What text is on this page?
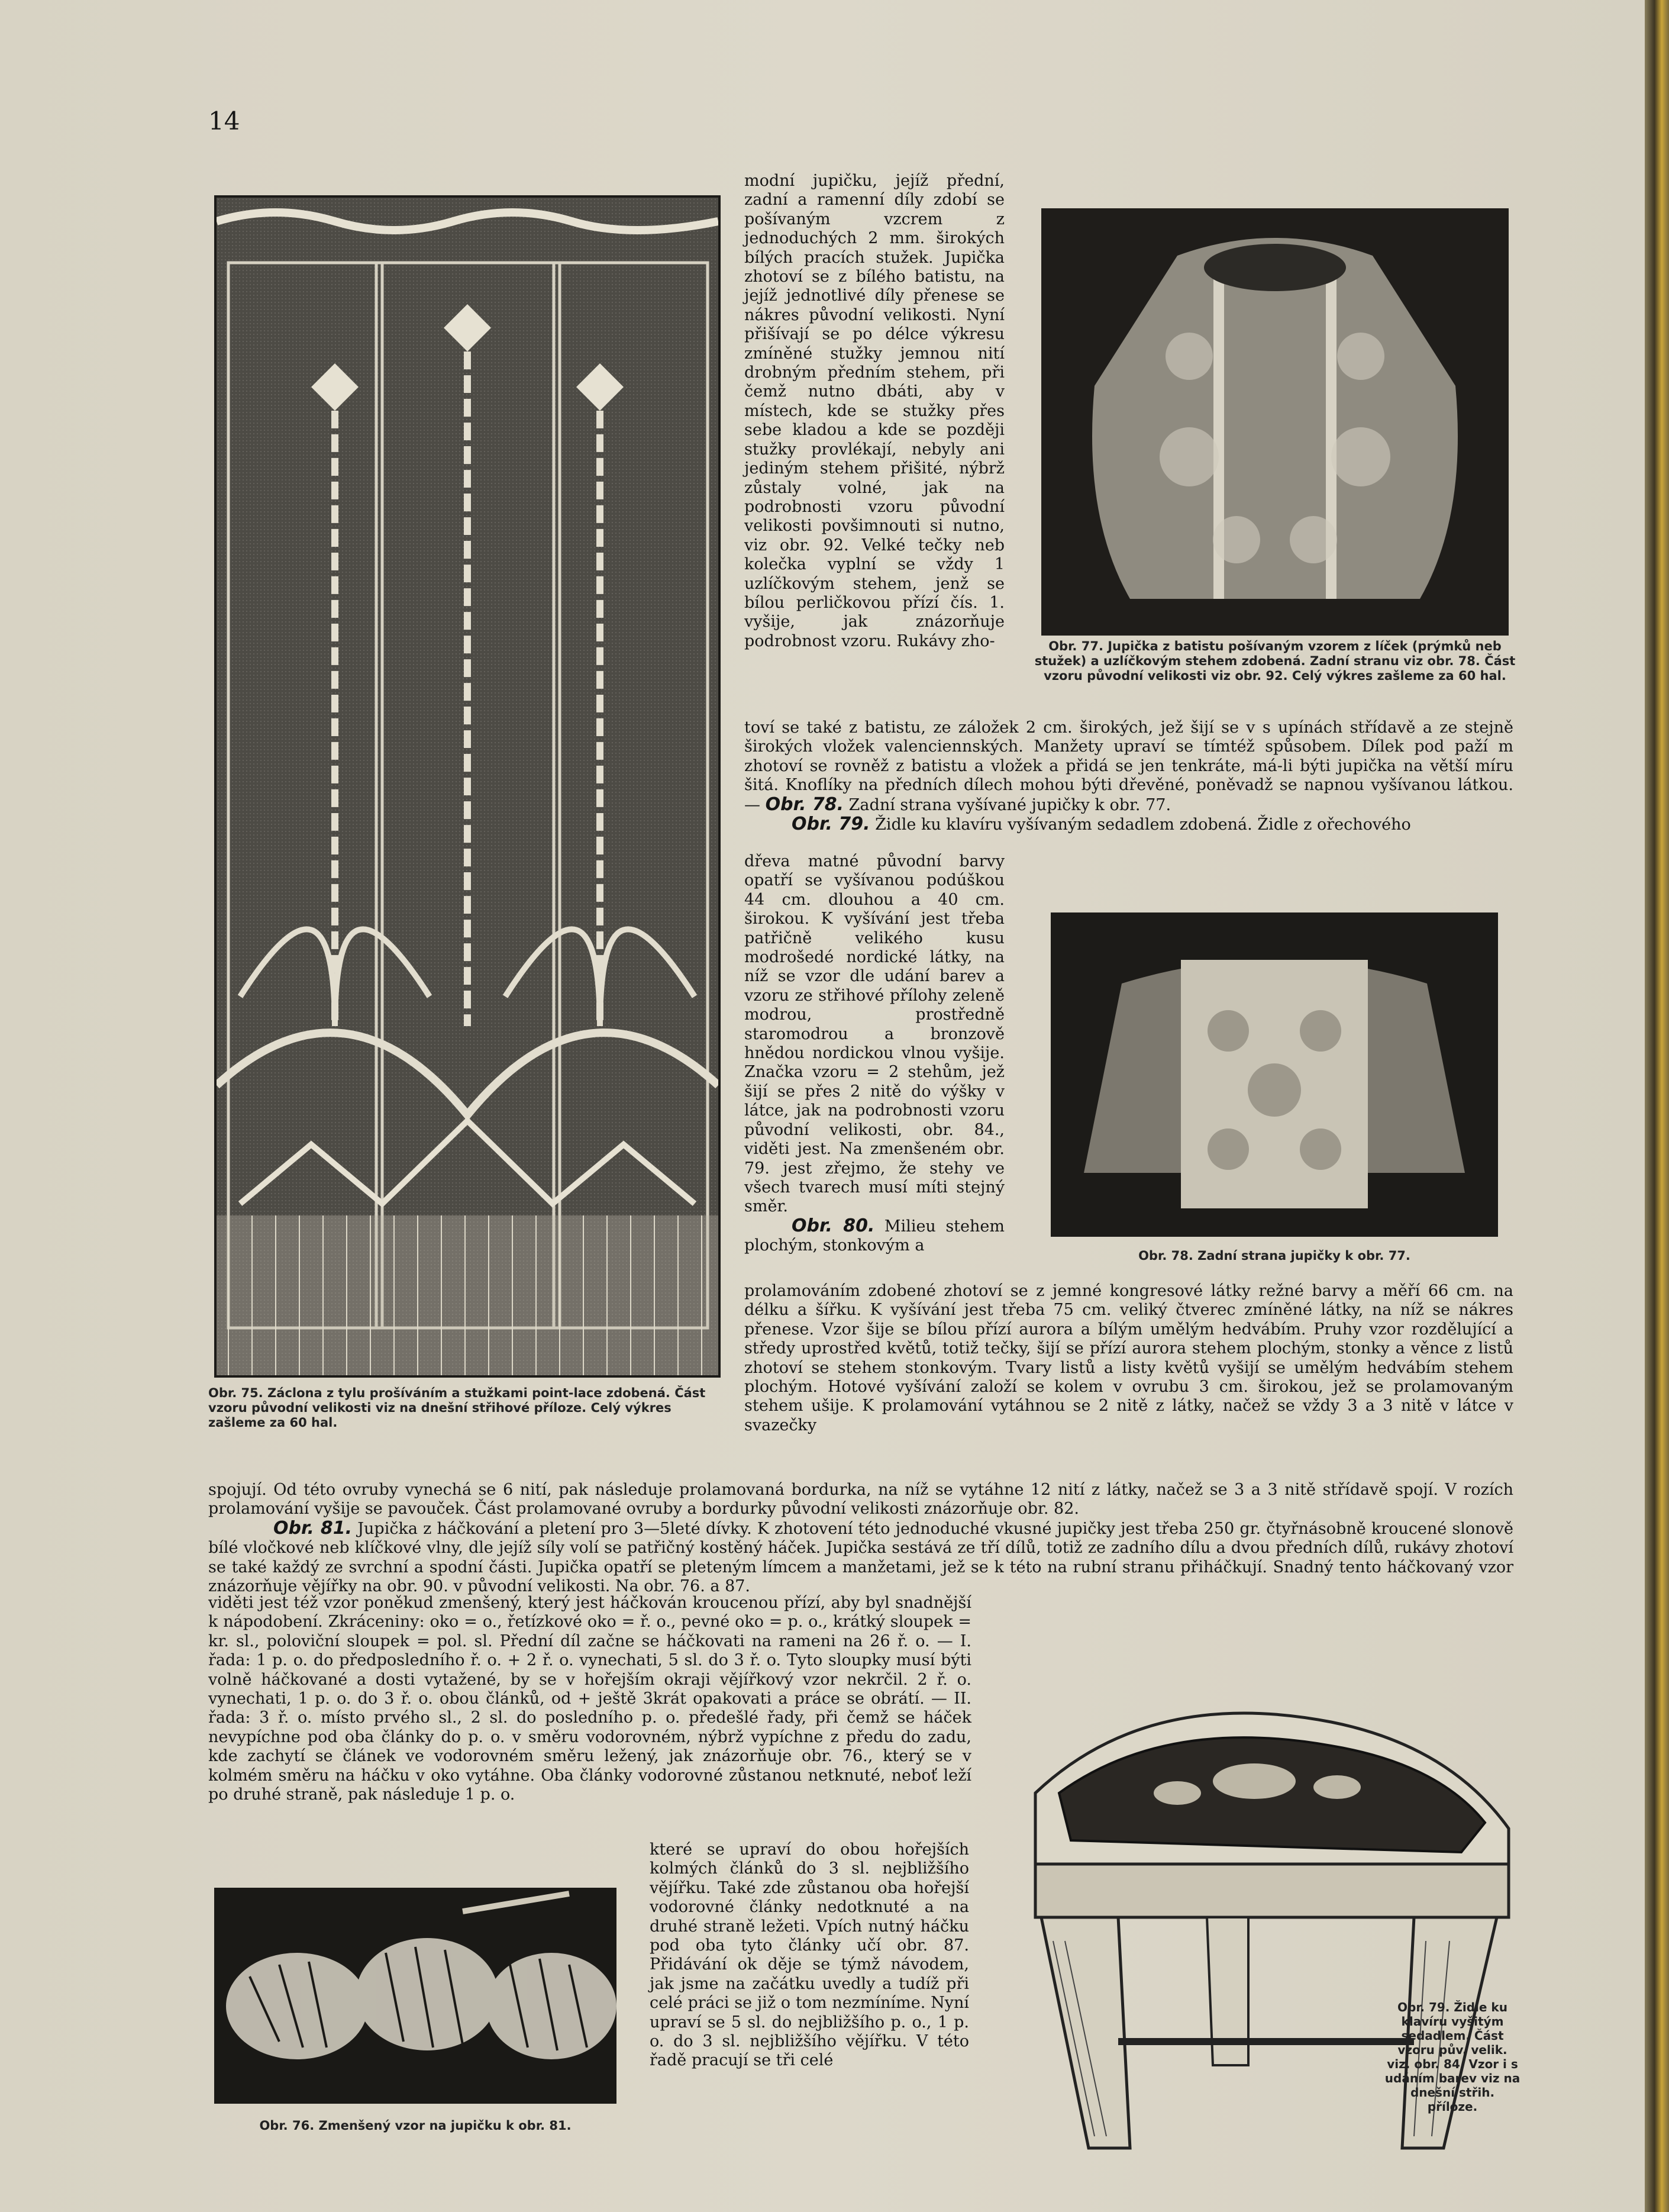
14
Obr. 75. Záclona z tylu prošíváním a stužkami point-lace zdobená. Část vzoru původní velikosti viz na dnešní střihové příloze. Celý výkres zašleme za 60 hal.

modní jupičku, jejíž přední, zadní a ramenní díly zdobí se pošívaným vzcrem z jednoduchých 2 mm. širokých bílých pracích stužek. Jupička zhotoví se z bílého batistu, na jejíž jednotlivé díly přenese se nákres původní velikosti. Nyní přišívají se po délce výkresu zmíněné stužky jemnou nití drobným předním stehem, při čemž nutno dbáti, aby v místech, kde se stužky přes sebe kladou a kde se později stužky provlékají, nebyly ani jediným stehem přišité, nýbrž zůstaly volné, jak na podrobnosti vzoru původní velikosti povšimnouti si nutno, viz obr. 92. Velké tečky neb kolečka vyplní se vždy 1 uzlíčkovým stehem, jenž se bílou perličkovou přízí čís. 1. vyšije, jak znázorňuje podrobnost vzoru. Rukávy zho-	Obr. 77. Jupička z batistu pošívaným vzorem z líček (prýmků neb stužek) a uzlíčkovým stehem zdobená. Zadní stranu viz obr. 78. Část vzoru původní velikosti viz obr. 92. Celý výkres zašleme za 60 hal.

toví se také z batistu, ze záložek 2 cm. širokých, jež šijí se v s upínách střídavě a ze stejně širokých vložek valenciennských. Manžety upraví se tímtéž spůsobem. Dílek pod paží m zhotoví se rovněž z batistu a vložek a přidá se jen tenkráte, má-li býti jupička na větší míru šitá. Knoflíky na předních dílech mohou býti dřevěné, poněvadž se napnou vyšívanou látkou. — Obr. 78. Zadní strana vyšívané jupičky k obr. 77.

Obr. 79. Židle ku klavíru vyšívaným sedadlem zdobená. Židle z ořechového

dřeva matné původní barvy opatří se vyšívanou podúškou 44 cm. dlouhou a 40 cm. širokou. K vyšívání jest třeba patřičně velikého kusu modrošedé nordické látky, na níž se vzor dle udání barev a vzoru ze střihové přílohy zeleně modrou, prostředně staromodrou a bronzově hnědou nordickou vlnou vyšije. Značka vzoru = 2 stehům, jež šijí se přes 2 nitě do výšky v látce, jak na podrobnosti vzoru původní velikosti, obr. 84., viděti jest. Na zmenšeném obr. 79. jest zřejmo, že stehy ve všech tvarech musí míti stejný směr.

Obr. 80. Milieu stehem plochým, stonkovým a

Obr. 78. Zadní strana jupičky k obr. 77.

prolamováním zdobené zhotoví se z jemné kongresové látky režné barvy a měří 66 cm. na délku a šířku. K vyšívání jest třeba 75 cm. veliký čtverec zmíněné látky, na níž se nákres přenese. Vzor šije se bílou přízí aurora a bílým umělým hedvábím. Pruhy vzor rozdělující a středy uprostřed květů, totiž tečky, šijí se přízí aurora stehem plochým, stonky a věnce z listů zhotoví se stehem stonkovým. Tvary listů a listy květů vyšijí se umělým hedvábím stehem plochým. Hotové vyšívání založí se kolem v ovrubu 3 cm. širokou, jež se prolamovaným stehem ušije. K prolamování vytáhnou se 2 nitě z látky, načež se vždy 3 a 3 nitě v látce v svazečky

spojují. Od této ovruby vynechá se 6 nití, pak následuje prolamovaná bordurka, na níž se vytáhne 12 nití z látky, načež se 3 a 3 nitě střídavě spojí. V rozích prolamování vyšije se pavouček. Část prolamované ovruby a bordurky původní velikosti znázorňuje obr. 82.

Obr. 81. Jupička z háčkování a pletení pro 3—5leté dívky. K zhotovení této jednoduché vkusné jupičky jest třeba 250 gr. čtyřnásobně kroucené slonově bílé vločkové neb klíčkové vlny, dle jejíž síly volí se patřičný kostěný háček. Jupička sestává ze tří dílů, totiž ze zadního dílu a dvou předních dílů, rukávy zhotoví se také každý ze svrchní a spodní části. Jupička opatří se pleteným límcem a manžetami, jež se k této na rubní stranu přiháčkují. Snadný tento háčkovaný vzor znázorňuje vějířky na obr. 90. v původní velikosti. Na obr. 76. a 87.

viděti jest též vzor poněkud zmenšený, který jest háčkován kroucenou přízí, aby byl snadnější k nápodobení. Zkráceniny: oko = o., řetízkové oko = ř. o., pevné oko = p. o., krátký sloupek = kr. sl., poloviční sloupek = pol. sl. Přední díl začne se háčkovati na rameni na 26 ř. o. — I. řada: 1 p. o. do předposledního ř. o. + 2 ř. o. vynechati, 5 sl. do 3 ř. o. Tyto sloupky musí býti volně háčkované a dosti vytažené, by se v hořejším okraji vějířkový vzor nekrčil. 2 ř. o. vynechati, 1 p. o. do 3 ř. o. obou článků, od + ještě 3krát opakovati a práce se obrátí. — II. řada: 3 ř. o. místo prvého sl., 2 sl. do posledního p. o. předešlé řady, při čemž se háček nevypíchne pod oba články do p. o. v směru vodorovném, nýbrž vypíchne z předu do zadu, kde zachytí se článek ve vodorovném směru ležený, jak znázorňuje obr. 76., který se v kolmém směru na háčku v oko vytáhne. Oba články vodorovné zůstanou netknuté, neboť leží po druhé straně, pak následuje 1 p. o.

které se upraví do obou hořejších kolmých článků do 3 sl. nejbližšího vějířku. Také zde zůstanou oba hořejší vodorovné články nedotknuté a na druhé straně ležeti. Vpích nutný háčku pod oba tyto články učí obr. 87. Přidávání ok děje se týmž návodem, jak jsme na začátku uvedly a tudíž při celé práci se již o tom nezmíníme. Nyní upraví se 5 sl. do nejbližšího p. o., 1 p. o. do 3 sl. nejbližšího vějířku. V této řadě pracují se tři celé

Obr. 76. Zmenšený vzor na jupičku k obr. 81.
Obr. 79. Židle ku klavíru vyšitým sedadlem. Část vzoru pův. velik. viz. obr. 84. Vzor i s udáním barev viz na dnešní střih. příloze.
